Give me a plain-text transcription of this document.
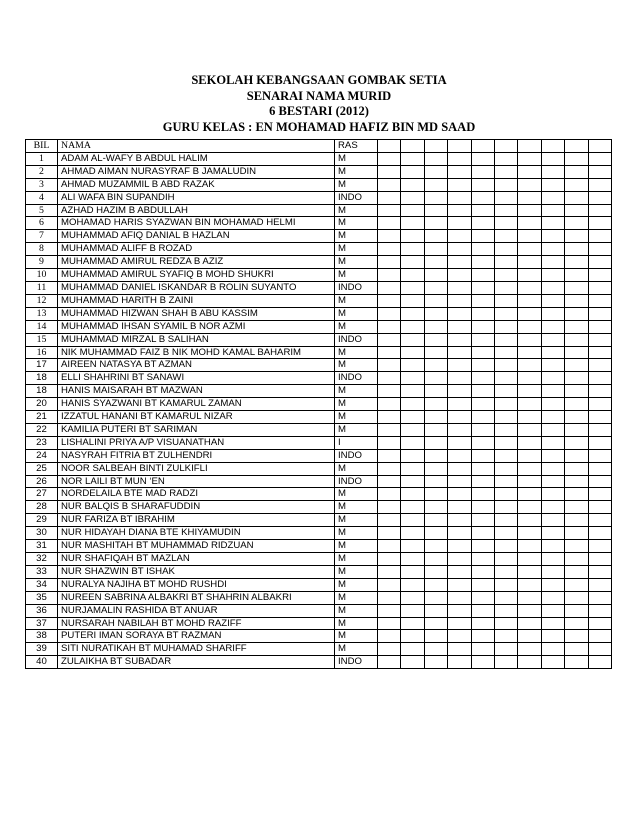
SEKOLAH KEBANGSAAN GOMBAK SETIA
SENARAI NAMA MURID
6 BESTARI (2012)
GURU KELAS : EN MOHAMAD HAFIZ BIN MD SAAD
BIL	NAMA	RAS										
1	ADAM AL-WAFY B ABDUL HALIM	M										
2	AHMAD AIMAN NURASYRAF B JAMALUDIN	M										
3	AHMAD MUZAMMIL B ABD RAZAK	M										
4	ALI WAFA BIN SUPANDIH	INDO										
5	AZHAD HAZIM B ABDULLAH	M										
6	MOHAMAD HARIS SYAZWAN BIN MOHAMAD HELMI	M										
7	MUHAMMAD AFIQ DANIAL B HAZLAN	M										
8	MUHAMMAD ALIFF B ROZAD	M										
9	MUHAMMAD AMIRUL REDZA B AZIZ	M										
10	MUHAMMAD AMIRUL SYAFIQ B MOHD SHUKRI	M										
11	MUHAMMAD DANIEL ISKANDAR B ROLIN SUYANTO	INDO										
12	MUHAMMAD HARITH B ZAINI	M										
13	MUHAMMAD HIZWAN SHAH B ABU KASSIM	M										
14	MUHAMMAD IHSAN SYAMIL B NOR AZMI	M										
15	MUHAMMAD MIRZAL B SALIHAN	INDO										
16	NIK MUHAMMAD FAIZ B NIK MOHD KAMAL BAHARIM	M										
17	AIREEN NATASYA BT AZMAN	M										
18	ELLI SHAHRINI BT SANAWI	INDO										
18	HANIS MAISARAH BT MAZWAN	M										
20	HANIS SYAZWANI BT KAMARUL ZAMAN	M										
21	IZZATUL HANANI BT KAMARUL NIZAR	M										
22	KAMILIA PUTERI BT SARIMAN	M										
23	LISHALINI PRIYA A/P VISUANATHAN	I										
24	NASYRAH FITRIA BT ZULHENDRI	INDO										
25	NOOR SALBEAH BINTI ZULKIFLI	M										
26	NOR LAILI BT MUN ‘EN	INDO										
27	NORDELAILA BTE MAD RADZI	M										
28	NUR BALQIS B SHARAFUDDIN	M										
29	NUR FARIZA BT IBRAHIM	M										
30	NUR HIDAYAH DIANA BTE KHIYAMUDIN	M										
31	NUR MASHITAH BT MUHAMMAD RIDZUAN	M										
32	NUR SHAFIQAH BT MAZLAN	M										
33	NUR SHAZWIN BT ISHAK	M										
34	NURALYA NAJIHA BT MOHD RUSHDI	M										
35	NUREEN SABRINA ALBAKRI BT SHAHRIN ALBAKRI	M										
36	NURJAMALIN RASHIDA BT ANUAR	M										
37	NURSARAH NABILAH BT MOHD RAZIFF	M										
38	PUTERI IMAN SORAYA BT RAZMAN	M										
39	SITI NURATIKAH BT MUHAMAD SHARIFF	M										
40	ZULAIKHA BT SUBADAR	INDO										
